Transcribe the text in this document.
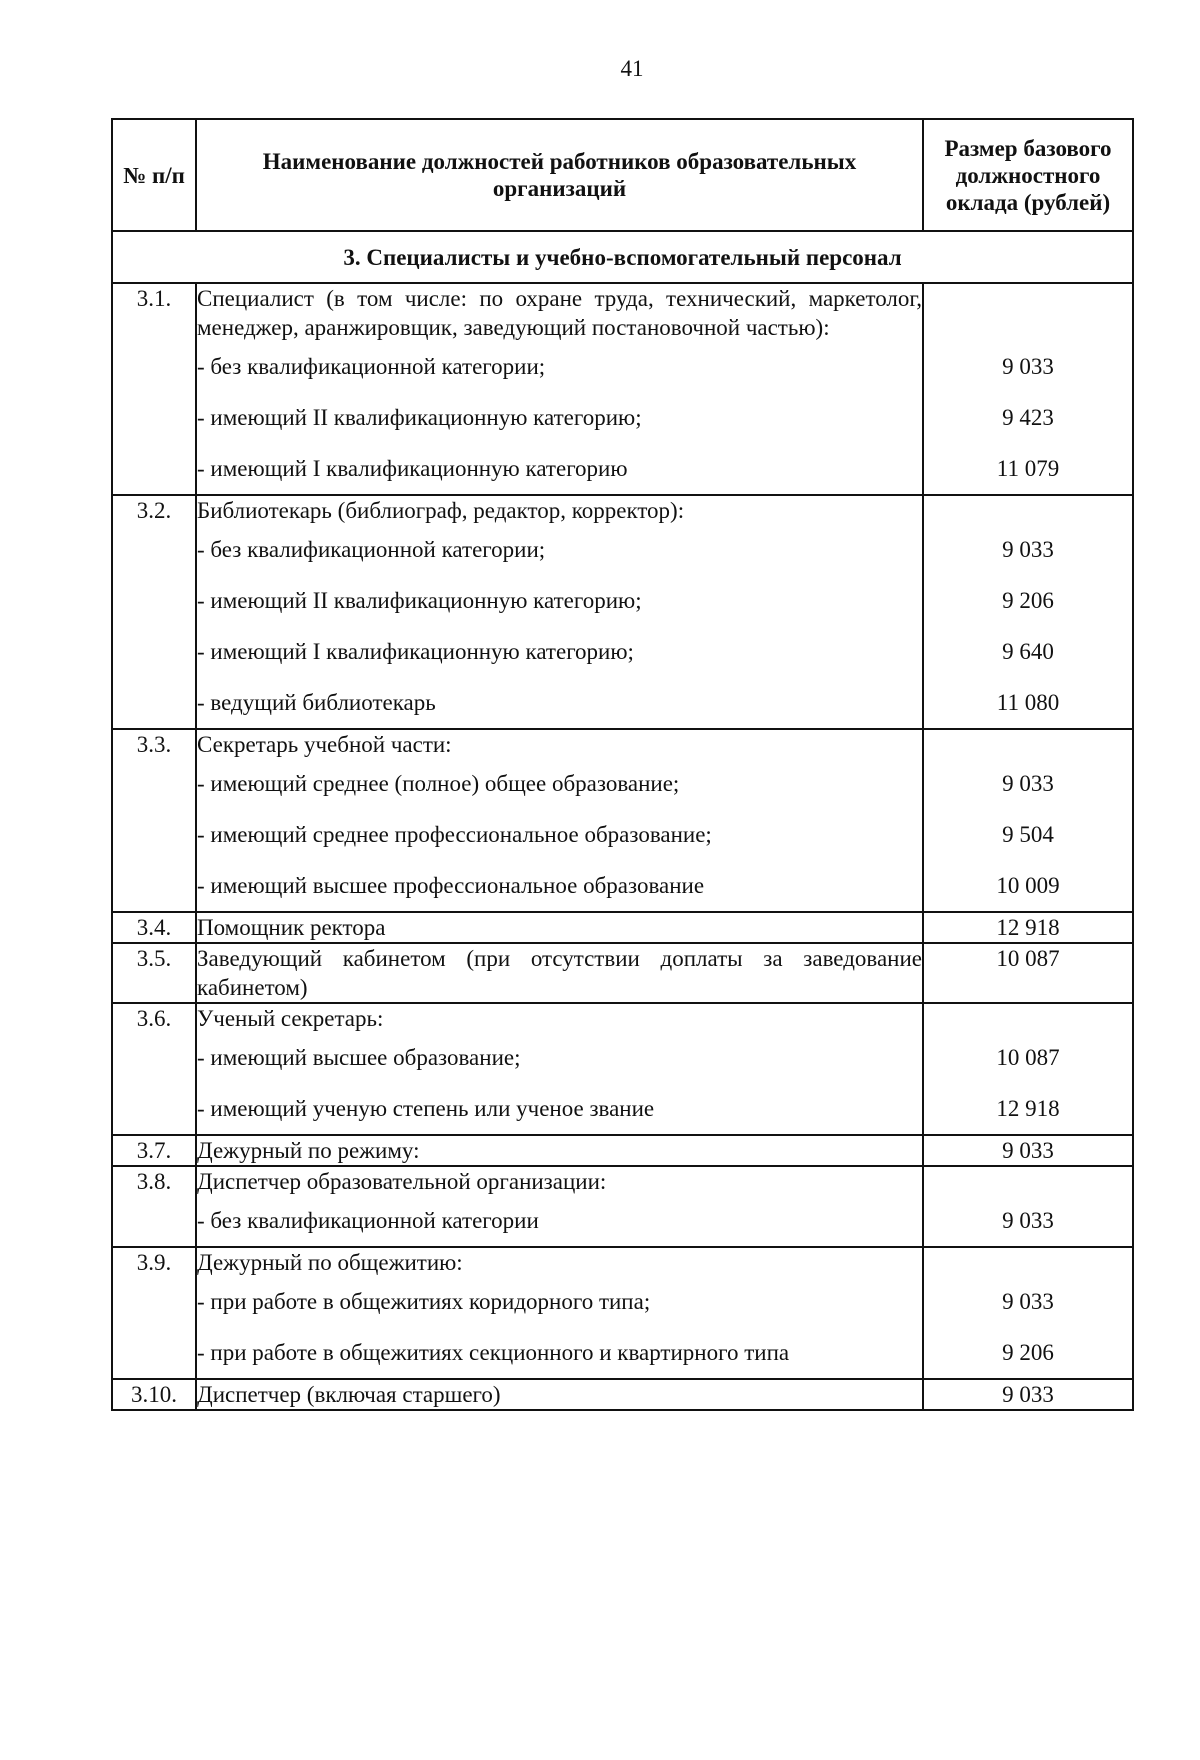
41
№ п/п	Наименование должностей работников образовательных организаций	Размер базового должностного оклада (рублей)
3. Специалисты и учебно-вспомогательный персонал		
3.1.	Специалист (в том числе: по охране труда, технический, маркетолог, менеджер, аранжировщик, заведующий постановочной частью):	
	- без квалификационной категории;	9 033
	- имеющий II квалификационную категорию;	9 423
	- имеющий I квалификационную категорию	11 079
3.2.	Библиотекарь (библиограф, редактор, корректор):	
	- без квалификационной категории;	9 033
	- имеющий II квалификационную категорию;	9 206
	- имеющий I квалификационную категорию;	9 640
	- ведущий библиотекарь	11 080
3.3.	Секретарь учебной части:	
	- имеющий среднее (полное) общее образование;	9 033
	- имеющий среднее профессиональное образование;	9 504
	- имеющий высшее профессиональное образование	10 009
3.4.	Помощник ректора	12 918
3.5.	Заведующий кабинетом (при отсутствии доплаты за заведование кабинетом)	10 087
3.6.	Ученый секретарь:	
	- имеющий высшее образование;	10 087
	- имеющий ученую степень или ученое звание	12 918
3.7.	Дежурный по режиму:	9 033
3.8.	Диспетчер образовательной организации:	
	- без квалификационной категории	9 033
3.9.	Дежурный по общежитию:	
	- при работе в общежитиях коридорного типа;	9 033
	- при работе в общежитиях секционного и квартирного типа	9 206
3.10.	Диспетчер (включая старшего)	9 033
